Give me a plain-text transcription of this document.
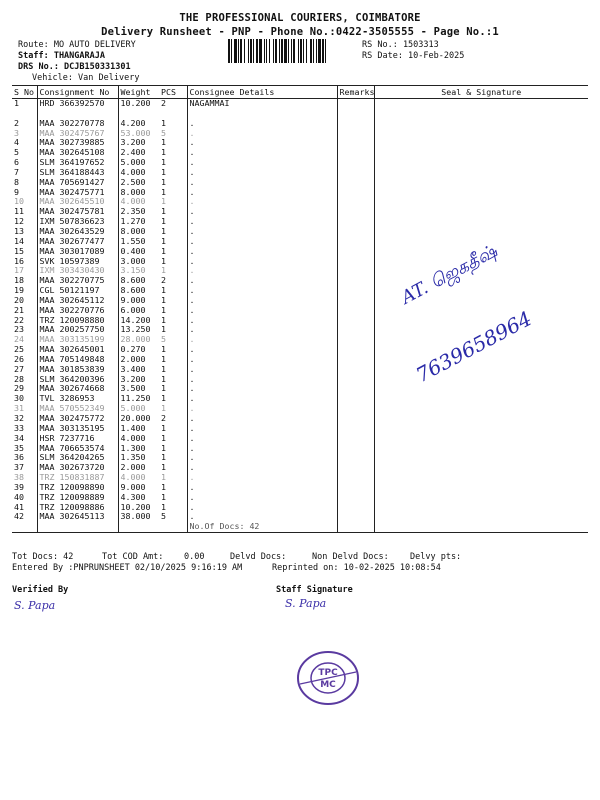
THE PROFESSIONAL COURIERS, COIMBATORE
Delivery Runsheet - PNP - Phone No.:0422-3505555 - Page No.:1
Route: MO AUTO DELIVERY
Staff: THANGARAJA
DRS No.: DCJB150331301
Vehicle: Van Delivery
RS No.: 1503313
RS Date: 10-Feb-2025
S No	Consignment No	Weight	PCS	Consignee Details	Remarks	Seal & Signature
1	HRD 366392570	10.200	2	NAGAMMAI		

2	MAA 302270778	4.200	1	.		
3	MAA 302475767	53.000	5	.		
4	MAA 302739885	3.200	1	.		
5	MAA 302645108	2.400	1	.		
6	SLM 364197652	5.000	1	.		
7	SLM 364188443	4.000	1	.		
8	MAA 705691427	2.500	1	.		
9	MAA 302475771	8.000	1	.		
10	MAA 302645510	4.000	1	.		
11	MAA 302475781	2.350	1	.		
12	IXM 507836623	1.270	1	.		
13	MAA 302643529	8.000	1	.		
14	MAA 302677477	1.550	1	.		
15	MAA 303017089	0.400	1	.		
16	SVK 10597389	3.000	1	.		
17	IXM 303430430	3.150	1	.		
18	MAA 302270775	8.600	2	.		
19	CGL 50121197	8.600	1	.		
20	MAA 302645112	9.000	1	.		
21	MAA 302270776	6.000	1	.		
22	TRZ 120098880	14.200	1	.		
23	MAA 200257750	13.250	1	.		
24	MAA 303135199	28.000	5	.		
25	MAA 302645001	0.270	1	.		
26	MAA 705149848	2.000	1	.		
27	MAA 301853839	3.400	1	.		
28	SLM 364200396	3.200	1	.		
29	MAA 302674668	3.500	1	.		
30	TVL 3286953	11.250	1	.		
31	MAA 570552349	5.000	1	.		
32	MAA 302475772	20.000	2	.		
33	MAA 303135195	1.400	1	.		
34	HSR 7237716	4.000	1	.		
35	MAA 706653574	1.300	1	.		
36	SLM 364204265	1.350	1	.		
37	MAA 302673720	2.000	1	.		
38	TRZ 150831887	4.000	1	.		
39	TRZ 120098890	9.000	1	.		
40	TRZ 120098889	4.300	1	.		
41	TRZ 120098886	10.200	1	.		
42	MAA 302645113	38.000	5	.		
				No.Of Docs: 42		
Tot Docs: 42	Tot COD Amt: 0.00	Delvd Docs:	Non Delvd Docs: Delvy pts:
Entered By :PNPRUNSHEET 02/10/2025 9:16:19 AM	Reprinted on: 10-02-2025 10:08:54
Verified By	Staff Signature
S. Papa	S. Papa
AT. ஜெகதீஷ்
7639658964
TPC
MC
